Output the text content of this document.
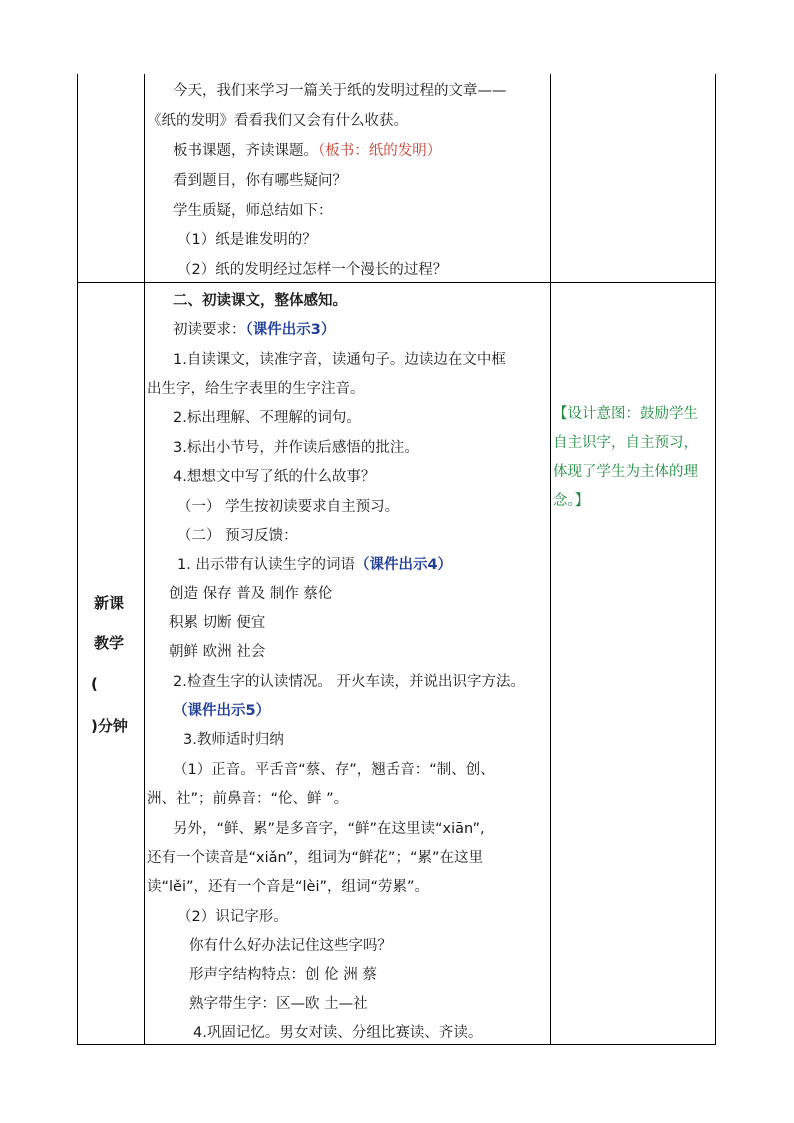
今天，我们来学习一篇关于纸的发明过程的文章——
《纸的发明》看看我们又会有什么收获。
板书课题，齐读课题。（板书：纸的发明）
看到题目，你有哪些疑问？
学生质疑，师总结如下：
（1）纸是谁发明的？
（2）纸的发明经过怎样一个漫长的过程？
新课
教学
(
)分钟
二、初读课文，整体感知。
初读要求：（课件出示3）
1.自读课文，读准字音，读通句子。边读边在文中框
出生字，给生字表里的生字注音。
2.标出理解、不理解的词句。
3.标出小节号，并作读后感悟的批注。
4.想想文中写了纸的什么故事？
（一） 学生按初读要求自主预习。
（二） 预习反馈：
1. 出示带有认读生字的词语（课件出示4）
创造 保存 普及 制作 蔡伦
积累 切断 便宜
朝鲜 欧洲 社会
2.检查生字的认读情况。 开火车读，并说出识字方法。
（课件出示5）
3.教师适时归纳
（1）正音。平舌音“蔡、存”，翘舌音：“制、创、
洲、社”；前鼻音：“伦、鲜 ”。
另外，“鲜、累”是多音字，“鲜”在这里读“xiān”,
还有一个读音是“xiǎn”，组词为“鲜花”；“累”在这里
读“lěi”，还有一个音是“lèi”，组词“劳累”。
（2）识记字形。
你有什么好办法记住这些字吗？
形声字结构特点：创 伦 洲 蔡
熟字带生字：区—欧 土—社
4.巩固记忆。男女对读、分组比赛读、齐读。
【设计意图：鼓励学生
自主识字，自主预习，
体现了学生为主体的理
念。】
